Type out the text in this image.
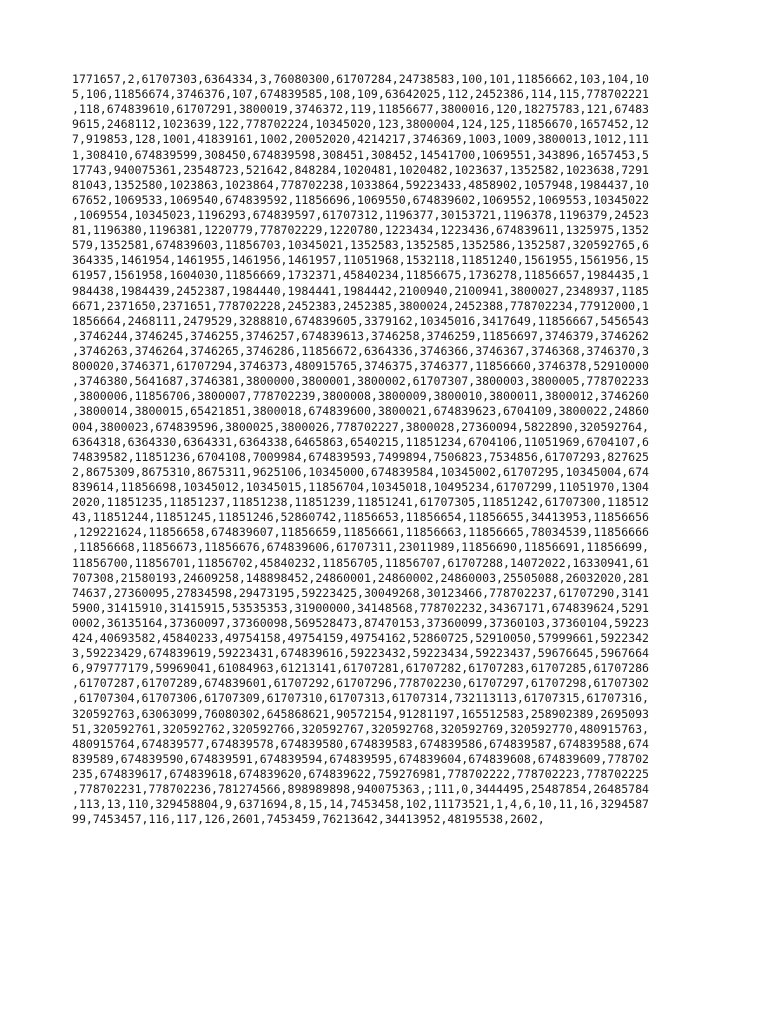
1771657,2,61707303,6364334,3,76080300,61707284,24738583,100,101,11856662,103,104,10
5,106,11856674,3746376,107,674839585,108,109,63642025,112,2452386,114,115,778702221
,118,674839610,61707291,3800019,3746372,119,11856677,3800016,120,18275783,121,67483
9615,2468112,1023639,122,778702224,10345020,123,3800004,124,125,11856670,1657452,12
7,919853,128,1001,41839161,1002,20052020,4214217,3746369,1003,1009,3800013,1012,111
1,308410,674839599,308450,674839598,308451,308452,14541700,1069551,343896,1657453,5
17743,940075361,23548723,521642,848284,1020481,1020482,1023637,1352582,1023638,7291
81043,1352580,1023863,1023864,778702238,1033864,59223433,4858902,1057948,1984437,10
67652,1069533,1069540,674839592,11856696,1069550,674839602,1069552,1069553,10345022
,1069554,10345023,1196293,674839597,61707312,1196377,30153721,1196378,1196379,24523
81,1196380,1196381,1220779,778702229,1220780,1223434,1223436,674839611,1325975,1352
579,1352581,674839603,11856703,10345021,1352583,1352585,1352586,1352587,320592765,6
364335,1461954,1461955,1461956,1461957,11051968,1532118,11851240,1561955,1561956,15
61957,1561958,1604030,11856669,1732371,45840234,11856675,1736278,11856657,1984435,1
984438,1984439,2452387,1984440,1984441,1984442,2100940,2100941,3800027,2348937,1185
6671,2371650,2371651,778702228,2452383,2452385,3800024,2452388,778702234,77912000,1
1856664,2468111,2479529,3288810,674839605,3379162,10345016,3417649,11856667,5456543
,3746244,3746245,3746255,3746257,674839613,3746258,3746259,11856697,3746379,3746262
,3746263,3746264,3746265,3746286,11856672,6364336,3746366,3746367,3746368,3746370,3
800020,3746371,61707294,3746373,480915765,3746375,3746377,11856660,3746378,52910000
,3746380,5641687,3746381,3800000,3800001,3800002,61707307,3800003,3800005,778702233
,3800006,11856706,3800007,778702239,3800008,3800009,3800010,3800011,3800012,3746260
,3800014,3800015,65421851,3800018,674839600,3800021,674839623,6704109,3800022,24860
004,3800023,674839596,3800025,3800026,778702227,3800028,27360094,5822890,320592764,
6364318,6364330,6364331,6364338,6465863,6540215,11851234,6704106,11051969,6704107,6
74839582,11851236,6704108,7009984,674839593,7499894,7506823,7534856,61707293,827625
2,8675309,8675310,8675311,9625106,10345000,674839584,10345002,61707295,10345004,674
839614,11856698,10345012,10345015,11856704,10345018,10495234,61707299,11051970,1304
2020,11851235,11851237,11851238,11851239,11851241,61707305,11851242,61707300,118512
43,11851244,11851245,11851246,52860742,11856653,11856654,11856655,34413953,11856656
,129221624,11856658,674839607,11856659,11856661,11856663,11856665,78034539,11856666
,11856668,11856673,11856676,674839606,61707311,23011989,11856690,11856691,11856699,
11856700,11856701,11856702,45840232,11856705,11856707,61707288,14072022,16330941,61
707308,21580193,24609258,148898452,24860001,24860002,24860003,25505088,26032020,281
74637,27360095,27834598,29473195,59223425,30049268,30123466,778702237,61707290,3141
5900,31415910,31415915,53535353,31900000,34148568,778702232,34367171,674839624,5291
0002,36135164,37360097,37360098,569528473,87470153,37360099,37360103,37360104,59223
424,40693582,45840233,49754158,49754159,49754162,52860725,52910050,57999661,5922342
3,59223429,674839619,59223431,674839616,59223432,59223434,59223437,59676645,5967664
6,979777179,59969041,61084963,61213141,61707281,61707282,61707283,61707285,61707286
,61707287,61707289,674839601,61707292,61707296,778702230,61707297,61707298,61707302
,61707304,61707306,61707309,61707310,61707313,61707314,732113113,61707315,61707316,
320592763,63063099,76080302,645868621,90572154,91281197,165512583,258902389,2695093
51,320592761,320592762,320592766,320592767,320592768,320592769,320592770,480915763,
480915764,674839577,674839578,674839580,674839583,674839586,674839587,674839588,674
839589,674839590,674839591,674839594,674839595,674839604,674839608,674839609,778702
235,674839617,674839618,674839620,674839622,759276981,778702222,778702223,778702225
,778702231,778702236,781274566,898989898,940075363,;111,0,3444495,25487854,26485784
,113,13,110,329458804,9,6371694,8,15,14,7453458,102,11173521,1,4,6,10,11,16,3294587
99,7453457,116,117,126,2601,7453459,76213642,34413952,48195538,2602,
